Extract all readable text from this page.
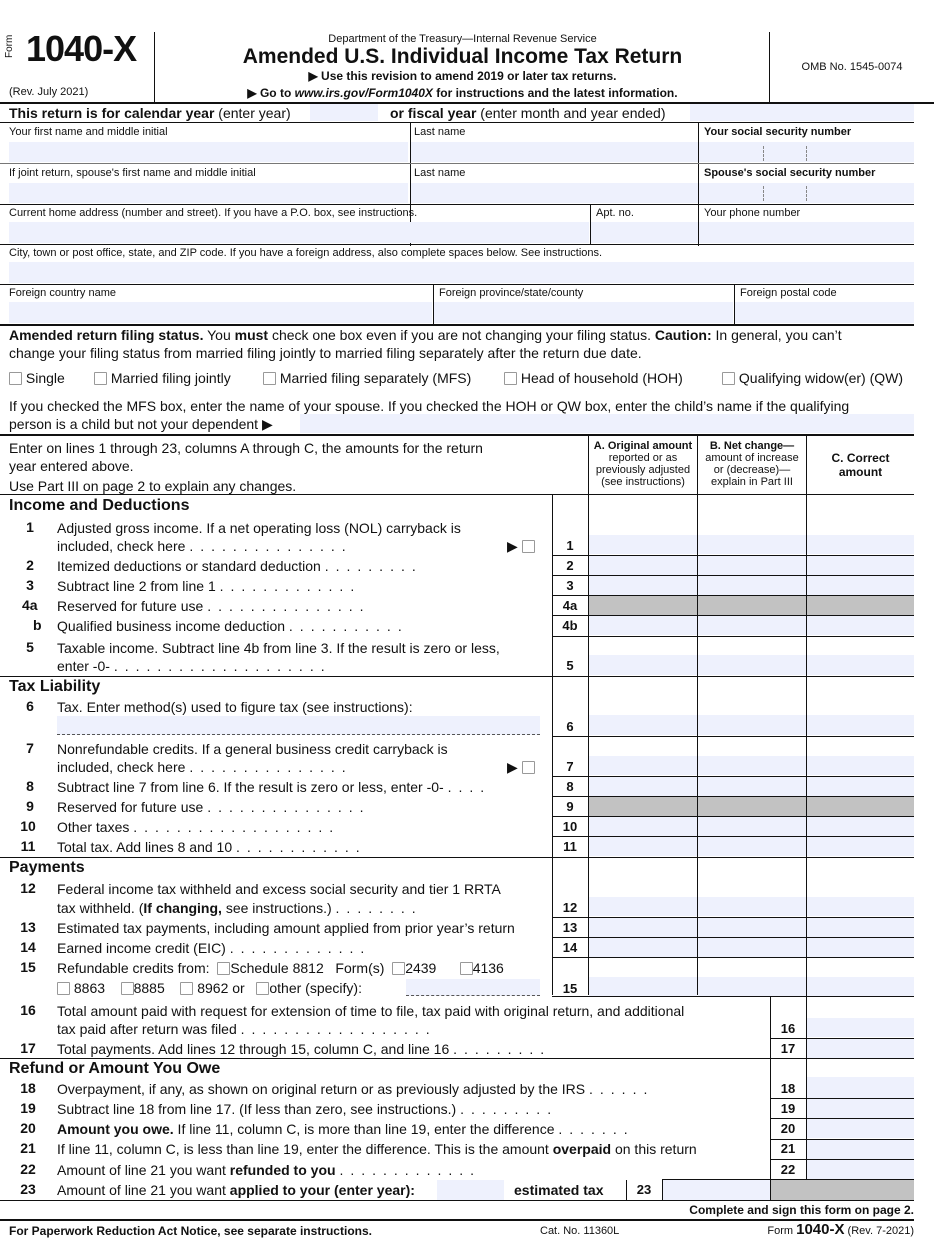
Form 1040-X
(Rev. July 2021)
Department of the Treasury—Internal Revenue Service
Amended U.S. Individual Income Tax Return
▶ Use this revision to amend 2019 or later tax returns.
▶ Go to www.irs.gov/Form1040X for instructions and the latest information.
OMB No. 1545-0074
This return is for calendar year (enter year)	or fiscal year (enter month and year ended)
Your first name and middle initial	Last name	Your social security number
If joint return, spouse's first name and middle initial	Last name	Spouse's social security number
Current home address (number and street). If you have a P.O. box, see instructions.	Apt. no.	Your phone number
City, town or post office, state, and ZIP code. If you have a foreign address, also complete spaces below. See instructions.
Foreign country name	Foreign province/state/county	Foreign postal code
Amended return filing status. You must check one box even if you are not changing your filing status. Caution: In general, you can’t
change your filing status from married filing jointly to married filing separately after the return due date.
Single	Married filing jointly	Married filing separately (MFS)	Head of household (HOH)	Qualifying widow(er) (QW)
If you checked the MFS box, enter the name of your spouse. If you checked the HOH or QW box, enter the child’s name if the qualifying
person is a child but not your dependent ▶
Enter on lines 1 through 23, columns A through C, the amounts for the return
year entered above.
Use Part III on page 2 to explain any changes.
A. Original amount
reported or as
previously adjusted
(see instructions)
B. Net change—
amount of increase
or (decrease)—
explain in Part III
C. Correct
amount
Income and Deductions
1	Adjusted gross income. If a net operating loss (NOL) carryback is
included, check here ...............	▶	1
2	Itemized deductions or standard deduction .........	2
3	Subtract line 2 from line 1 .............	3
4a	Reserved for future use ...............	4a
b	Qualified business income deduction ...........	4b
5	Taxable income. Subtract line 4b from line 3. If the result is zero or less,
enter -0- ....................	5
Tax Liability
6	Tax. Enter method(s) used to figure tax (see instructions):
6
7	Nonrefundable credits. If a general business credit carryback is
included, check here ...............	▶	7
8	Subtract line 7 from line 6. If the result is zero or less, enter -0- ....	8
9	Reserved for future use ...............	9
10	Other taxes ...................	10
11	Total tax. Add lines 8 and 10 ............	11
Payments
12	Federal income tax withheld and excess social security and tier 1 RRTA
tax withheld. (If changing, see instructions.) ........	12
13	Estimated tax payments, including amount applied from prior year’s return	13
14	Earned income credit (EIC) .............	14
15	Refundable credits from: Schedule 8812 Form(s) 2439	4136
8863 8885 8962 or other (specify):	15
16	Total amount paid with request for extension of time to file, tax paid with original return, and additional
tax paid after return was filed ..................	16
17	Total payments. Add lines 12 through 15, column C, and line 16 .........	17
Refund or Amount You Owe
18	Overpayment, if any, as shown on original return or as previously adjusted by the IRS ......	18
19	Subtract line 18 from line 17. (If less than zero, see instructions.) .........	19
20	Amount you owe. If line 11, column C, is more than line 19, enter the difference .......	20
21	If line 11, column C, is less than line 19, enter the difference. This is the amount overpaid on this return	21
22	Amount of line 21 you want refunded to you .............	22
23	Amount of line 21 you want applied to your (enter year):	estimated tax	23
Complete and sign this form on page 2.
For Paperwork Reduction Act Notice, see separate instructions.	Cat. No. 11360L	Form 1040-X (Rev. 7-2021)
